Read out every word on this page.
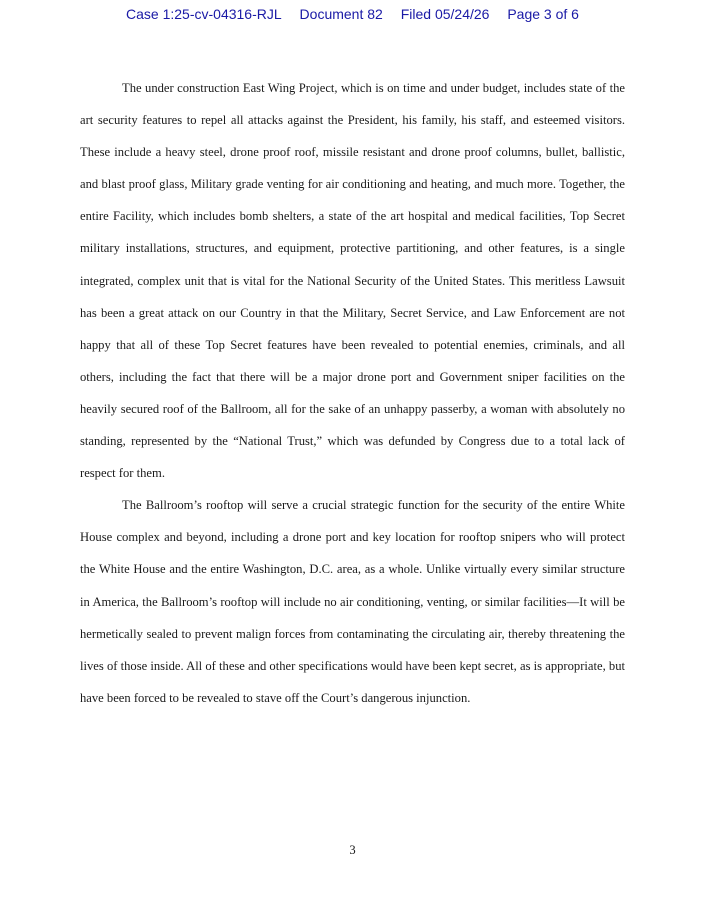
Case 1:25-cv-04316-RJL Document 82 Filed 05/24/26 Page 3 of 6

The under construction East Wing Project, which is on time and under budget, includes state of the art security features to repel all attacks against the President, his family, his staff, and esteemed visitors. These include a heavy steel, drone proof roof, missile resistant and drone proof columns, bullet, ballistic, and blast proof glass, Military grade venting for air conditioning and heating, and much more. Together, the entire Facility, which includes bomb shelters, a state of the art hospital and medical facilities, Top Secret military installations, structures, and equipment, protective partitioning, and other features, is a single integrated, complex unit that is vital for the National Security of the United States. This meritless Lawsuit has been a great attack on our Country in that the Military, Secret Service, and Law Enforcement are not happy that all of these Top Secret features have been revealed to potential enemies, criminals, and all others, including the fact that there will be a major drone port and Government sniper facilities on the heavily secured roof of the Ballroom, all for the sake of an unhappy passerby, a woman with absolutely no standing, represented by the “National Trust,” which was defunded by Congress due to a total lack of respect for them.

The Ballroom’s rooftop will serve a crucial strategic function for the security of the entire White House complex and beyond, including a drone port and key location for rooftop snipers who will protect the White House and the entire Washington, D.C. area, as a whole. Unlike virtually every similar structure in America, the Ballroom’s rooftop will include no air conditioning, venting, or similar facilities—It will be hermetically sealed to prevent malign forces from contaminating the circulating air, thereby threatening the lives of those inside. All of these and other specifications would have been kept secret, as is appropriate, but have been forced to be revealed to stave off the Court’s dangerous injunction.

3
